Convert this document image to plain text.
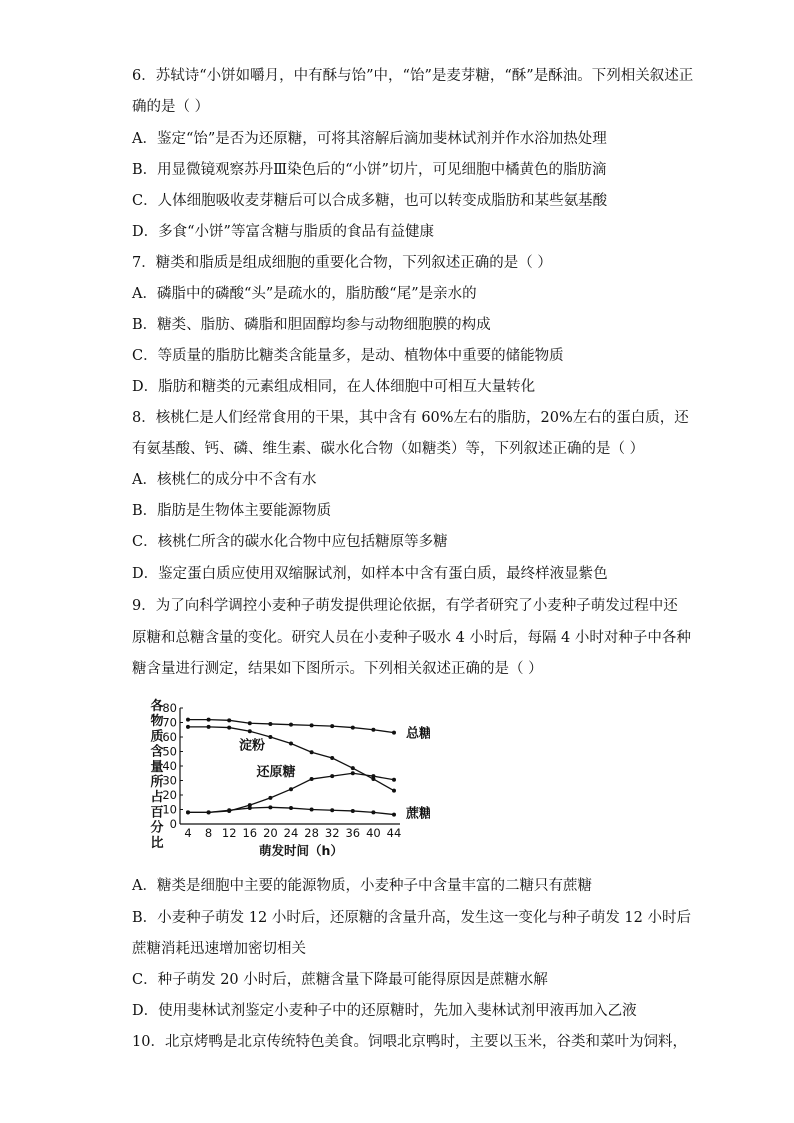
6．苏轼诗“小饼如嚼月，中有酥与饴”中，“饴”是麦芽糖，“酥”是酥油。下列相关叙述正
确的是（ ）
A．鉴定“饴”是否为还原糖，可将其溶解后滴加斐林试剂并作水浴加热处理
B．用显微镜观察苏丹Ⅲ染色后的“小饼”切片，可见细胞中橘黄色的脂肪滴
C．人体细胞吸收麦芽糖后可以合成多糖，也可以转变成脂肪和某些氨基酸
D．多食“小饼”等富含糖与脂质的食品有益健康
7．糖类和脂质是组成细胞的重要化合物，下列叙述正确的是（ ）
A．磷脂中的磷酸“头”是疏水的，脂肪酸“尾”是亲水的
B．糖类、脂肪、磷脂和胆固醇均参与动物细胞膜的构成
C．等质量的脂肪比糖类含能量多，是动、植物体中重要的储能物质
D．脂肪和糖类的元素组成相同，在人体细胞中可相互大量转化
8．核桃仁是人们经常食用的干果，其中含有 60%左右的脂肪，20%左右的蛋白质，还
有氨基酸、钙、磷、维生素、碳水化合物（如糖类）等，下列叙述正确的是（ ）
A．核桃仁的成分中不含有水
B．脂肪是生物体主要能源物质
C．核桃仁所含的碳水化合物中应包括糖原等多糖
D．鉴定蛋白质应使用双缩脲试剂，如样本中含有蛋白质，最终样液显紫色
9．为了向科学调控小麦种子萌发提供理论依据，有学者研究了小麦种子萌发过程中还
原糖和总糖含量的变化。研究人员在小麦种子吸水 4 小时后，每隔 4 小时对种子中各种
糖含量进行测定，结果如下图所示。下列相关叙述正确的是（ ）
A．糖类是细胞中主要的能源物质，小麦种子中含量丰富的二糖只有蔗糖
B．小麦种子萌发 12 小时后，还原糖的含量升高，发生这一变化与种子萌发 12 小时后
蔗糖消耗迅速增加密切相关
C．种子萌发 20 小时后，蔗糖含量下降最可能得原因是蔗糖水解
D．使用斐林试剂鉴定小麦种子中的还原糖时，先加入斐林试剂甲液再加入乙液
10．北京烤鸭是北京传统特色美食。饲喂北京鸭时，主要以玉米，谷类和菜叶为饲料，
0
10
20
30
40
50
60
70
80
4 8 12 16 20 24 28 32 36 40 44
萌发时间（h）
各
物
质
含
量
所
占
百
分
比
总糖
淀粉
还原糖
蔗糖
